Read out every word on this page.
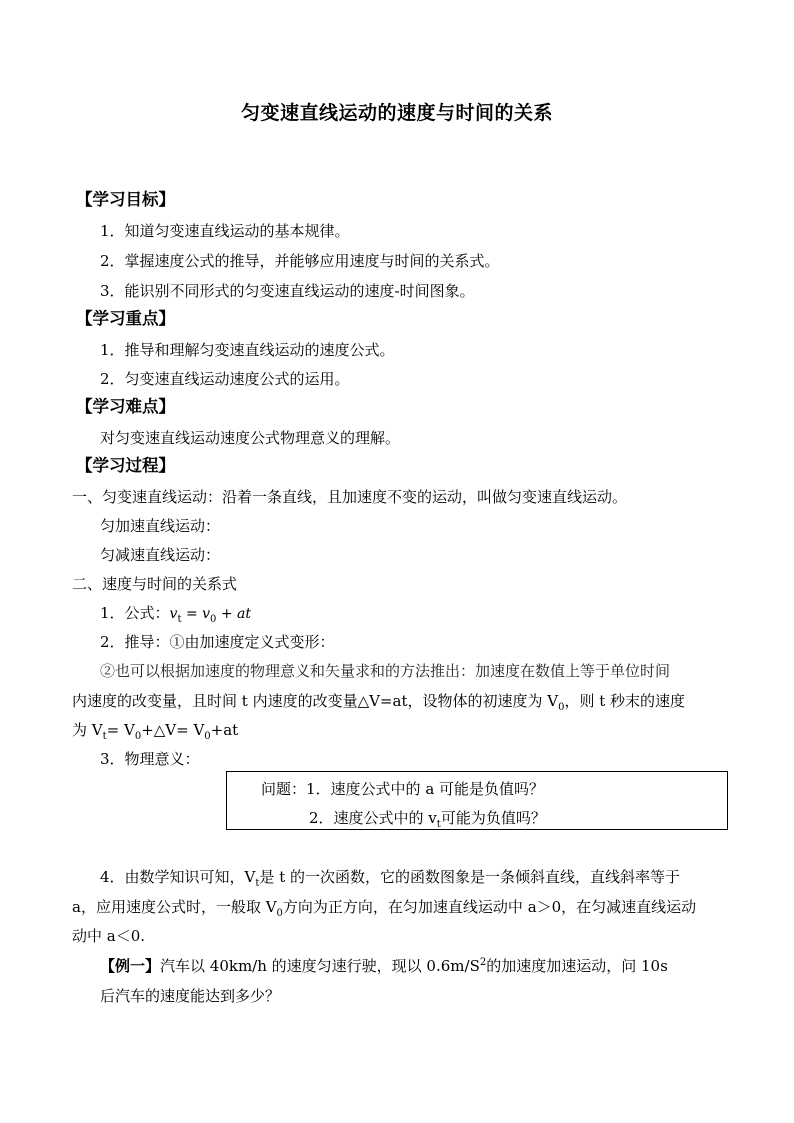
匀变速直线运动的速度与时间的关系
【学习目标】
1．知道匀变速直线运动的基本规律。
2．掌握速度公式的推导，并能够应用速度与时间的关系式。
3．能识别不同形式的匀变速直线运动的速度-时间图象。
【学习重点】
1．推导和理解匀变速直线运动的速度公式。
2．匀变速直线运动速度公式的运用。
【学习难点】
对匀变速直线运动速度公式物理意义的理解。
【学习过程】
一、匀变速直线运动：沿着一条直线，且加速度不变的运动，叫做匀变速直线运动。
匀加速直线运动：
匀减速直线运动：
二、速度与时间的关系式
1．公式：$v_t = v_0$ + at
2．推导：①由加速度定义式变形：
②也可以根据加速度的物理意义和矢量求和的方法推出：加速度在数值上等于单位时间
内速度的改变量，且时间 t 内速度的改变量△V=at，设物体的初速度为 $V_0$，则 t 秒末的速度
为 $V_t=$ $V_0+\triangle V= V_0+at$
3．物理意义：
问题：1．速度公式中的 a 可能是负值吗？
2．速度公式中的 $v_t$可能为负值吗？
4．由数学知识可知，$V_t$是 t 的一次函数，它的函数图象是一条倾斜直线，直线斜率等于
a，应用速度公式时，一般取 $V_0$方向为正方向，在匀加速直线运动中 a＞0，在匀减速直线运动
动中 a＜0.
【例一】汽车以 40km/h 的速度匀速行驶，现以 $0.6m/S^2$的加速度加速运动，问 10s
后汽车的速度能达到多少？
